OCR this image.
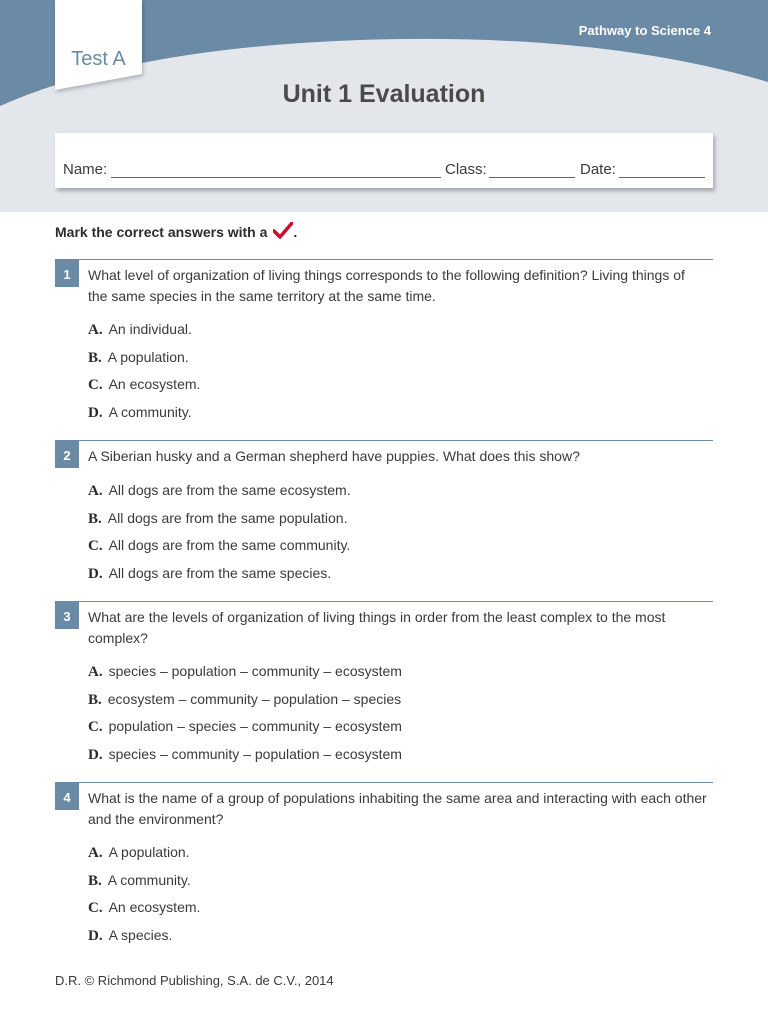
Pathway to Science 4
Test A
Unit 1 Evaluation
Name:	Class:	Date:
Mark the correct answers with a .
1	What level of organization of living things corresponds to the following definition? Living things of the same species in the same territory at the same time.
A. An individual.
B. A population.
C. An ecosystem.
D. A community.
2	A Siberian husky and a German shepherd have puppies. What does this show?
A. All dogs are from the same ecosystem.
B. All dogs are from the same population.
C. All dogs are from the same community.
D. All dogs are from the same species.
3	What are the levels of organization of living things in order from the least complex to the most complex?
A. species – population – community – ecosystem
B. ecosystem – community – population – species
C. population – species – community – ecosystem
D. species – community – population – ecosystem
4	What is the name of a group of populations inhabiting the same area and interacting with each other and the environment?
A. A population.
B. A community.
C. An ecosystem.
D. A species.
D.R. © Richmond Publishing, S.A. de C.V., 2014
